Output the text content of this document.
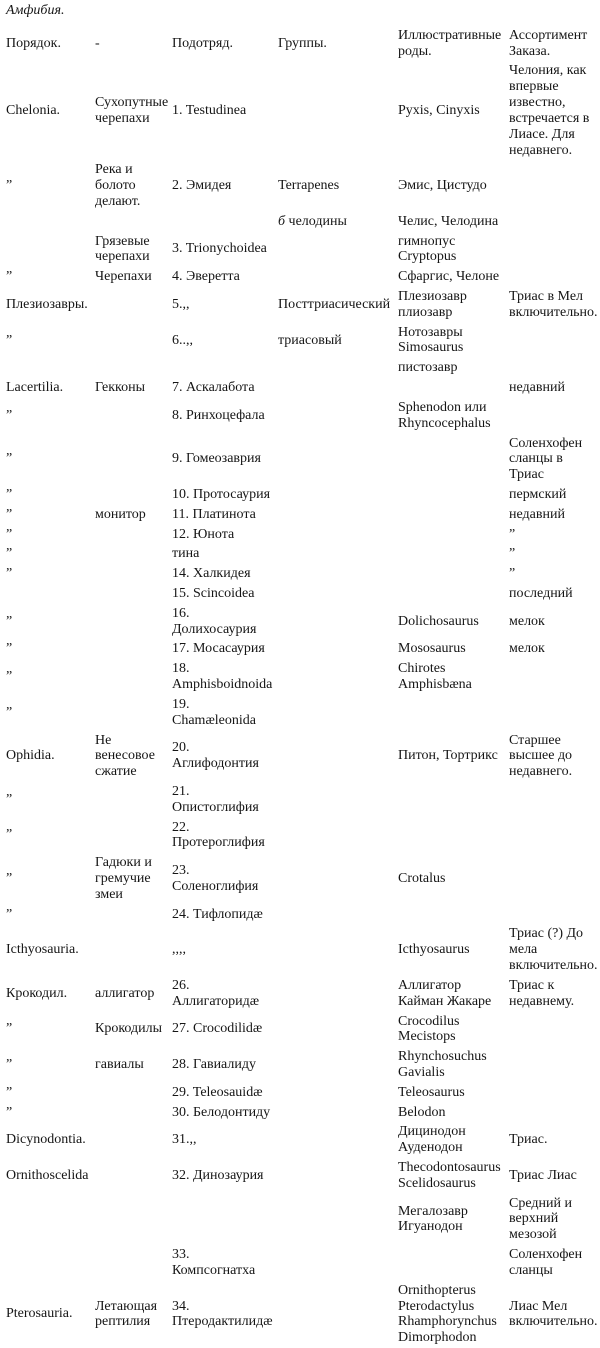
Амфибия.

Порядок.	-	Подотряд.	Группы.	Иллюстративные роды.	Ассортимент Заказа.
Chelonia.	Сухопутные черепахи	1. Testudinea		Pyxis, Cinyxis	Челония, как впервые известно, встречается в Лиасе. Для недавнего.
”	Река и болото делают.	2. Эмидея	Terrapenes	Эмис, Цистудо	
			б челодины	Челис, Челодина	
	Грязевые черепахи	3. Trionychoidea		гимнопус Cryptopus	
”	Черепахи	4. Эверетта		Сфаргис, Челоне	
Плезиозавры.		5.,,	Посттриасический	Плезиозавр плиозавр	Триас в Мел включительно.
”		6..,,	триасовый	Нотозавры Simosaurus	
				пистозавр	
Lacertilia.	Гекконы	7. Аскалабота			недавний
”		8. Ринхоцефала		Sphenodon или Rhyncocephalus	
”		9. Гомеозаврия			Соленхофен сланцы в Триас
”		10. Протосаурия			пермский
”	монитор	11. Платинота			недавний
”		12. Юнота			”
”		тина			”
”		14. Халкидея			”
		15. Scincoidea			последний
”		16. Долихосаурия		Dolichosaurus	мелок
”		17. Мосасаурия		Mososaurus	мелок
”		18. Amphisboidnoida		Chirotes Amphisbæna	
”		19. Chamæleonida			
Ophidia.	Не венесовое сжатие	20. Аглифодонтия		Питон, Тортрикс	Старшее высшее до недавнего.
”		21. Опистоглифия			
”		22. Протероглифия			
”	Гадюки и гремучие змеи	23. Соленоглифия		Crotalus	
”		24. Тифлопидæ			
Icthyosauria.		,,,,		Icthyosaurus	Триас (?) До мела включительно.
Крокодил.	аллигатор	26. Аллигаторидæ		Аллигатор Кайман Жакаре	Триас к недавнему.
”	Крокодилы	27. Crocodilidæ		Crocodilus Mecistops	
”	гавиалы	28. Гавиалиду		Rhynchosuchus Gavialis	
”		29. Teleosauidæ		Teleosaurus	
”		30. Белодонтиду		Belodon	
Dicynodontia.		31.,,		Дицинодон Ауденодон	Триас.
Ornithoscelida		32. Динозаурия		Thecodontosaurus Scelidosaurus	Триас Лиас
				Мегалозавр Игуанодон	Средний и верхний мезозой
		33. Компсогнатха			Соленхофен сланцы
Pterosauria.	Летающая рептилия	34. Птеродактилидæ		Ornithopterus Pterodactylus Rhamphorynchus Dimorphodon	Лиас Мел включительно.
